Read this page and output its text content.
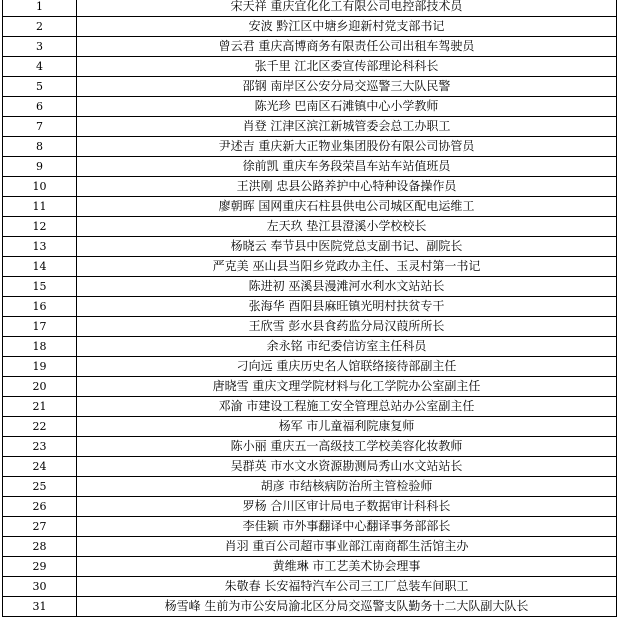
1	宋天祥 重庆宜化化工有限公司电控部技术员
2	安波 黔江区中塘乡迎新村党支部书记
3	曾云君 重庆高博商务有限责任公司出租车驾驶员
4	张千里 江北区委宣传部理论科科长
5	邵钢 南岸区公安分局交巡警三大队民警
6	陈光珍 巴南区石滩镇中心小学教师
7	肖登 江津区滨江新城管委会总工办职工
8	尹述吉 重庆新大正物业集团股份有限公司协管员
9	徐前凯 重庆车务段荣昌车站车站值班员
10	王洪刚 忠县公路养护中心特种设备操作员
11	廖朝晖 国网重庆石柱县供电公司城区配电运维工
12	左天玖 垫江县澄溪小学校校长
13	杨晓云 奉节县中医院党总支副书记、副院长
14	严克美 巫山县当阳乡党政办主任、玉灵村第一书记
15	陈进初 巫溪县漫滩河水利水文站站长
16	张海华 酉阳县麻旺镇光明村扶贫专干
17	王欣雪 彭水县食药监分局汉葭所所长
18	余永铭 市纪委信访室主任科员
19	刁向远 重庆历史名人馆联络接待部副主任
20	唐晓雪 重庆文理学院材料与化工学院办公室副主任
21	邓渝 市建设工程施工安全管理总站办公室副主任
22	杨军 市儿童福利院康复师
23	陈小丽 重庆五一高级技工学校美容化妆教师
24	吴群英 市水文水资源勘测局秀山水文站站长
25	胡彦 市结核病防治所主管检验师
26	罗杨 合川区审计局电子数据审计科科长
27	李佳颖 市外事翻译中心翻译事务部部长
28	肖羽 重百公司超市事业部江南商都生活馆主办
29	黄维琳 市工艺美术协会理事
30	朱敬春 长安福特汽车公司三工厂总装车间职工
31	杨雪峰 生前为市公安局渝北区分局交巡警支队勤务十二大队副大队长
